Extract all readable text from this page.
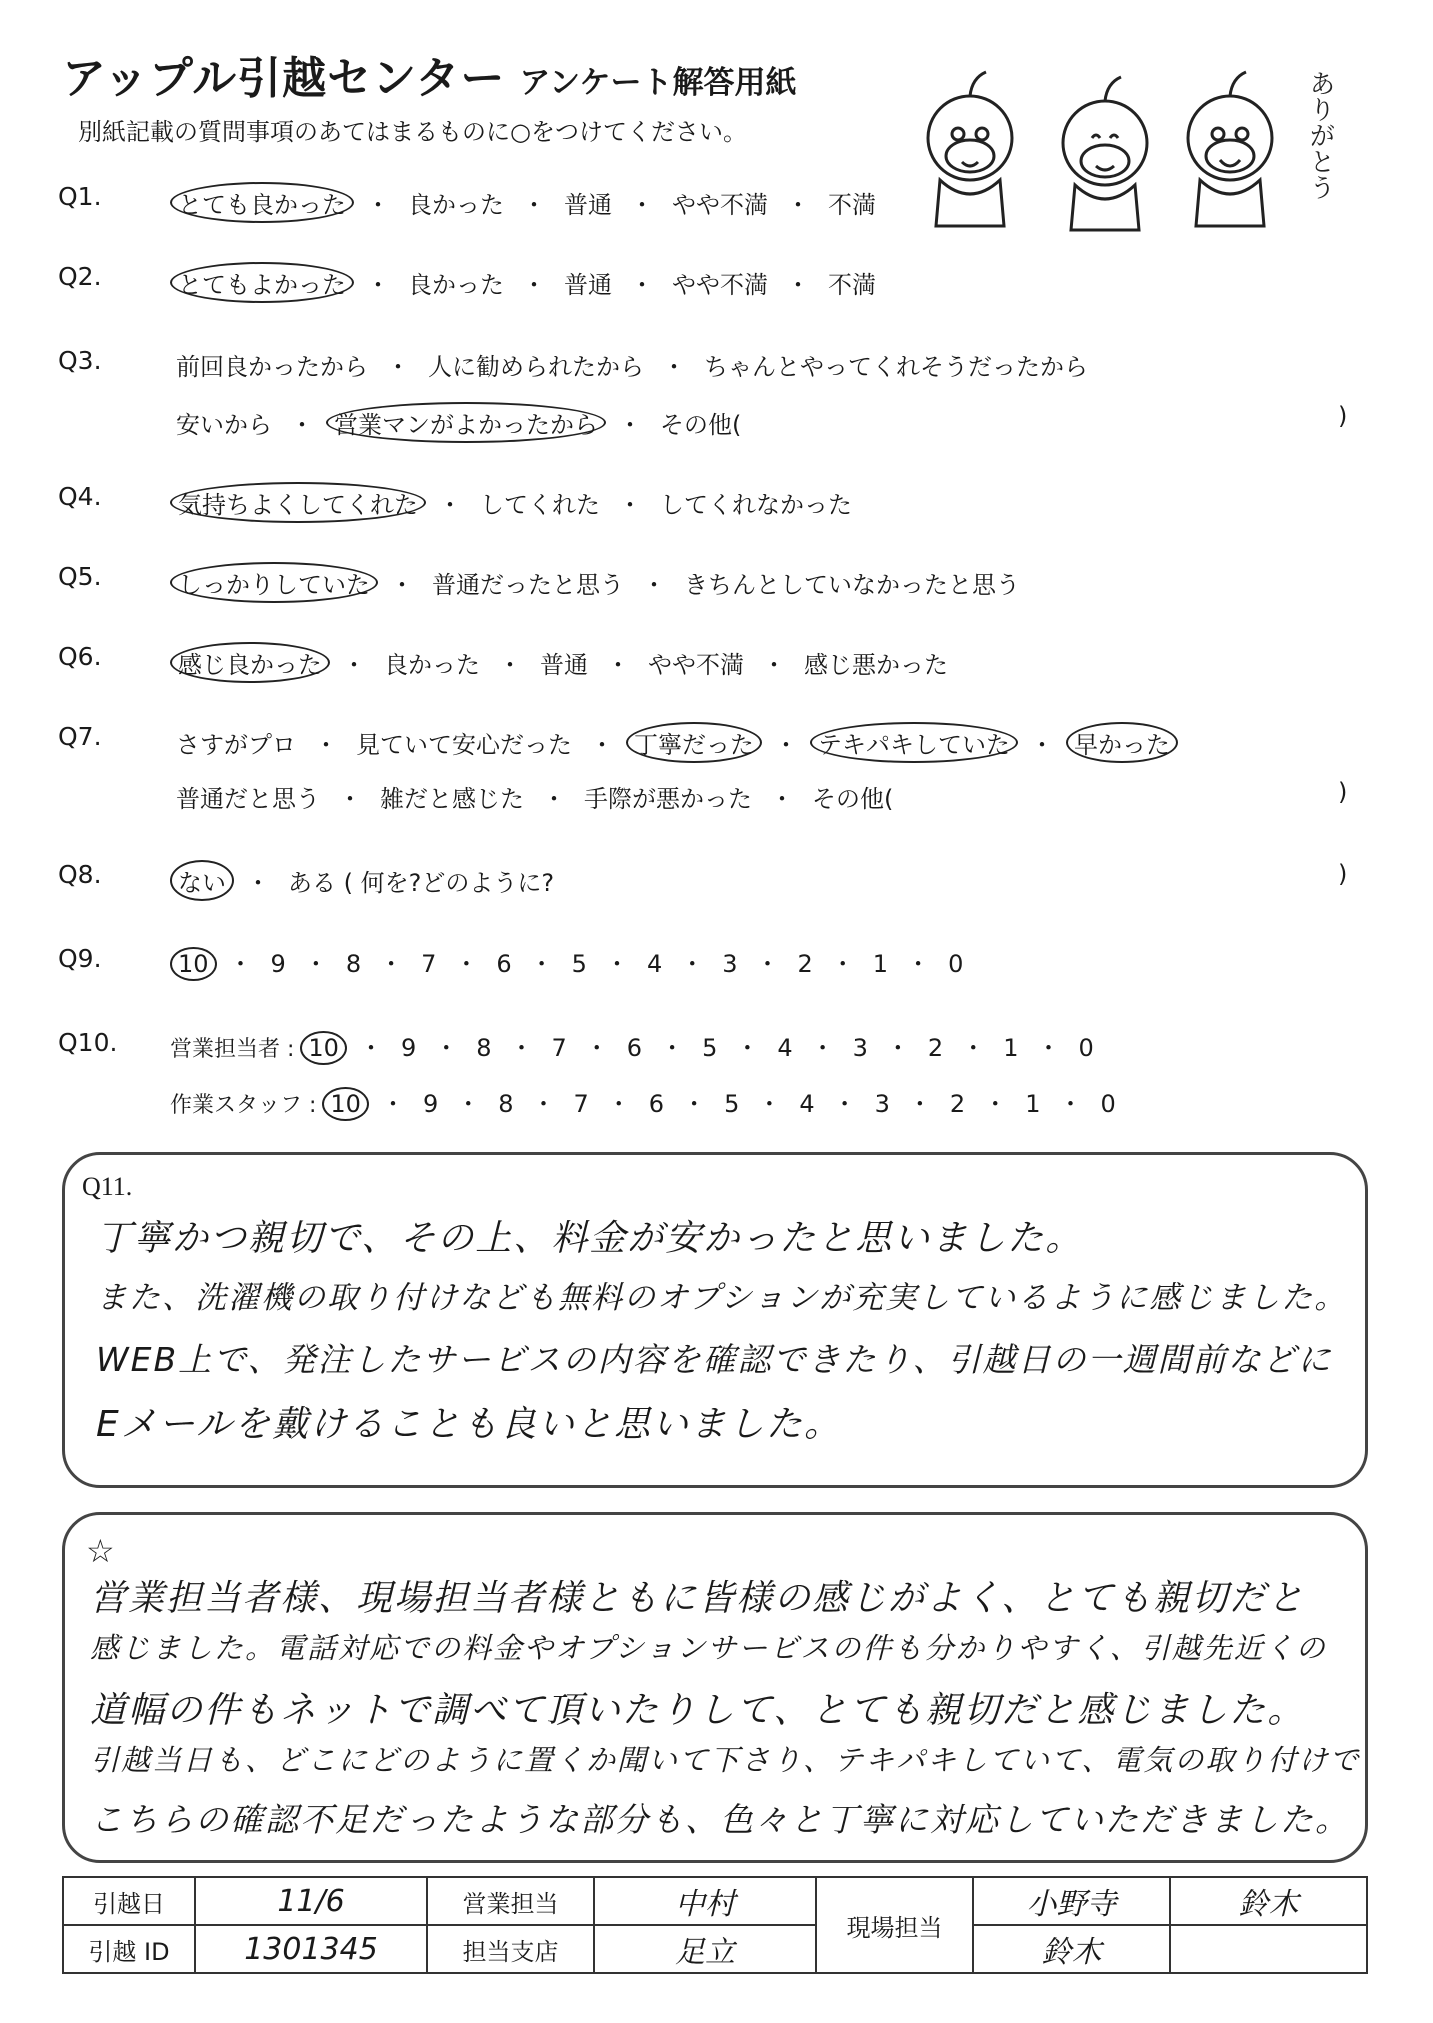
アップル引越センター アンケート解答用紙
別紙記載の質問事項のあてはまるものに○をつけてください。	ありがとう
Q1.	とても良かった ・ 良かった ・ 普通 ・ やや不満 ・ 不満
Q2.	とてもよかった ・ 良かった ・ 普通 ・ やや不満 ・ 不満
Q3.	前回良かったから ・ 人に勧められたから ・ ちゃんとやってくれそうだったから
安いから ・ 営業マンがよかったから ・ その他(	)
Q4.	気持ちよくしてくれた ・ してくれた ・ してくれなかった
Q5.	しっかりしていた ・ 普通だったと思う ・ きちんとしていなかったと思う
Q6.	感じ良かった ・ 良かった ・ 普通 ・ やや不満 ・ 感じ悪かった
Q7.	さすがプロ ・ 見ていて安心だった ・ 丁寧だった ・ テキパキしていた ・ 早かった
普通だと思う ・ 雑だと感じた ・ 手際が悪かった ・ その他(	)
Q8.	ない ・ ある ( 何を?どのように?	)
Q9.	10 ・ 9 ・ 8 ・ 7 ・ 6 ・ 5 ・ 4 ・ 3 ・ 2 ・ 1 ・ 0
Q10. 営業担当者 : 10 ・ 9 ・ 8 ・ 7 ・ 6 ・ 5 ・ 4 ・ 3 ・ 2 ・ 1 ・ 0
作業スタッフ : 10 ・ 9 ・ 8 ・ 7 ・ 6 ・ 5 ・ 4 ・ 3 ・ 2 ・ 1 ・ 0
Q11.
丁寧かつ親切で、その上、料金が安かったと思いました。
また、洗濯機の取り付けなども無料のオプションが充実しているように感じました。
WEB上で、発注したサービスの内容を確認できたり、引越日の一週間前などに
Eメールを戴けることも良いと思いました。
☆
営業担当者様、現場担当者様ともに皆様の感じがよく、とても親切だと
感じました。電話対応での料金やオプションサービスの件も分かりやすく、引越先近くの
道幅の件もネットで調べて頂いたりして、とても親切だと感じました。
引越当日も、どこにどのように置くか聞いて下さり、テキパキしていて、電気の取り付けで
こちらの確認不足だったような部分も、色々と丁寧に対応していただきました。
引越日	11/6	営業担当	中村	現場担当	小野寺	鈴木
引越 ID	1301345	担当支店	足立		鈴木	
